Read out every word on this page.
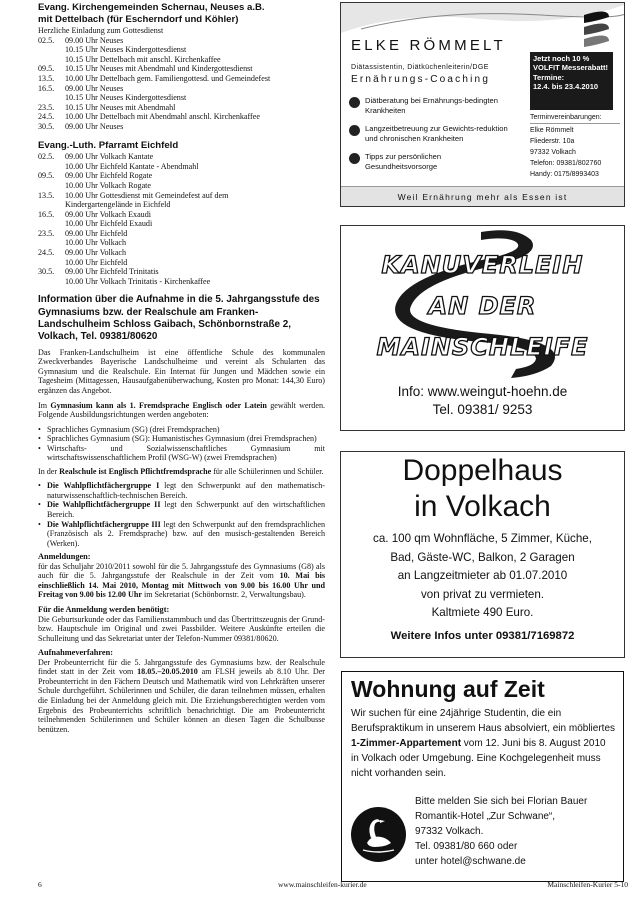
Evang. Kirchengemeinden Schernau, Neuses a.B.
mit Dettelbach (für Escherndorf und Köhler)

Herzliche Einladung zum Gottesdienst

02.5.	09.00 Uhr Neuses
10.15 Uhr Neuses Kindergottesdienst
10.15 Uhr Dettelbach mit anschl. Kirchenkaffee
09.5.	10.15 Uhr Neuses mit Abendmahl und Kindergottesdienst
13.5.	10.00 Uhr Dettelbach gem. Familiengottesd. und Gemeindefest
16.5.	09.00 Uhr Neuses
10.15 Uhr Neuses Kindergottesdienst
23.5.	10.15 Uhr Neuses mit Abendmahl
24.5.	10.00 Uhr Dettelbach mit Abendmahl anschl. Kirchenkaffee
30.5.	09.00 Uhr Neuses
Evang.-Luth. Pfarramt Eichfeld
02.5.	09.00 Uhr Volkach Kantate
10.00 Uhr Eichfeld Kantate - Abendmahl
09.5.	09.00 Uhr Eichfeld Rogate
10.00 Uhr Volkach Rogate
13.5.	10.00 Uhr Gottesdienst mit Gemeindefest auf dem
Kindergartengelände in Eichfeld
16.5.	09.00 Uhr Volkach Exaudi
10.00 Uhr Eichfeld Exaudi
23.5.	09.00 Uhr Eichfeld
10.00 Uhr Volkach
24.5.	09.00 Uhr Volkach
10.00 Uhr Eichfeld
30.5.	09.00 Uhr Eichfeld Trinitatis
10.00 Uhr Volkach Trinitatis - Kirchenkaffee
Information über die Aufnahme in die 5. Jahrgangsstufe des Gymnasiums bzw. der Realschule am Franken-Landschulheim Schloss Gaibach, Schönbornstraße 2, Volkach, Tel. 09381/80620

Das Franken-Landschulheim ist eine öffentliche Schule des kommunalen Zweckverbandes Bayerische Landschulheime und vereint als Schularten das Gymnasium und die Realschule. Ein Internat für Jungen und Mädchen sowie ein Tagesheim (Mittagessen, Hausaufgabenüberwachung, Kosten pro Monat: 144,30 Euro) ergänzen das Angebot.

Im Gymnasium kann als 1. Fremdsprache Englisch oder Latein gewählt werden. Folgende Ausbildungsrichtungen werden angeboten:

• Sprachliches Gymnasium (SG) (drei Fremdsprachen)
• Sprachliches Gymnasium (SG): Humanistisches Gymnasium (drei Fremdsprachen)
• Wirtschafts- und Sozialwissenschaftliches Gymnasium mit wirtschaftswissenschaftlichem Profil (WSG-W) (zwei Fremdsprachen)

In der Realschule ist Englisch Pflichtfremdsprache für alle Schülerinnen und Schüler.

• Die Wahlpflichtfächergruppe I legt den Schwerpunkt auf den mathematisch-naturwissenschaftlich-technischen Bereich.
• Die Wahlpflichtfächergruppe II legt den Schwerpunkt auf den wirtschaftlichen Bereich.
• Die Wahlpflichtfächergruppe III legt den Schwerpunkt auf den fremdsprachlichen (Französisch als 2. Fremdsprache) bzw. auf den musisch-gestaltenden Bereich (Werken).
Anmeldungen:

für das Schuljahr 2010/2011 sowohl für die 5. Jahrgangsstufe des Gymnasiums (G8) als auch für die 5. Jahrgangsstufe der Realschule in der Zeit vom 10. Mai bis einschließlich 14. Mai 2010, Montag mit Mittwoch von 9.00 bis 16.00 Uhr und Freitag von 9.00 bis 12.00 Uhr im Sekretariat (Schönbornstr. 2, Verwaltungsbau).

Für die Anmeldung werden benötigt:

Die Geburtsurkunde oder das Familienstammbuch und das Übertrittszeugnis der Grund- bzw. Hauptschule im Original und zwei Passbilder. Weitere Auskünfte erteilen die Schulleitung und das Sekretariat unter der Telefon-Nummer 09381/80620.

Aufnahmeverfahren:

Der Probeunterricht für die 5. Jahrgangsstufe des Gymnasiums bzw. der Realschule findet statt in der Zeit vom 18.05.–20.05.2010 am FLSH jeweils ab 8.10 Uhr. Der Probeunterricht in den Fächern Deutsch und Mathematik wird von Lehrkräften unserer Schule durchgeführt. Schülerinnen und Schüler, die daran teilnehmen müssen, erhalten die Einladung bei der Anmeldung gleich mit. Die Erziehungsberechtigten werden vom Ergebnis des Probeunterrichts schriftlich benachrichtigt. Die am Probeunterricht teilnehmenden Schülerinnen und Schüler können an diesen Tagen die Schulbusse benützen.

ELKE RÖMMELT
Diätassistentin, Diätküchenleiterin/DGE
Ernährungs-Coaching
Diätberatung bei Ernährungs-bedingten Krankheiten
Langzeitbetreuung zur Gewichts-reduktion und chronischen Krankheiten
Tipps zur persönlichen Gesundheitsvorsorge
Jetzt noch 10 %
VOLFIT Messerabatt!
Termine:
12.4. bis 23.4.2010
Terminvereinbarungen:
Elke Römmelt
Fliederstr. 10a
97332 Volkach
Telefon: 09381/802760
Handy: 0175/8993403
Weil Ernährung mehr als Essen ist
KANUVERLEIH
AN DER
MAINSCHLEIFE
Info: www.weingut-hoehn.de
Tel. 09381/ 9253
Doppelhaus
in Volkach
ca. 100 qm Wohnfläche, 5 Zimmer, Küche,
Bad, Gäste-WC, Balkon, 2 Garagen
an Langzeitmieter ab 01.07.2010
von privat zu vermieten.
Kaltmiete 490 Euro.
Weitere Infos unter 09381/7169872
Wohnung auf Zeit
Wir suchen für eine 24jährige Studentin, die ein Berufspraktikum in unserem Haus absolviert, ein möbliertes 1-Zimmer-Appartement vom 12. Juni bis 8. August 2010 in Volkach oder Umgebung. Eine Kochgelegenheit muss nicht vorhanden sein.
Bitte melden Sie sich bei Florian Bauer
Romantik-Hotel „Zur Schwane“,
97332 Volkach.
Tel. 09381/80 660 oder
unter hotel@schwane.de
6	www.mainschleifen-kurier.de	Mainschleifen-Kurier 5-10
